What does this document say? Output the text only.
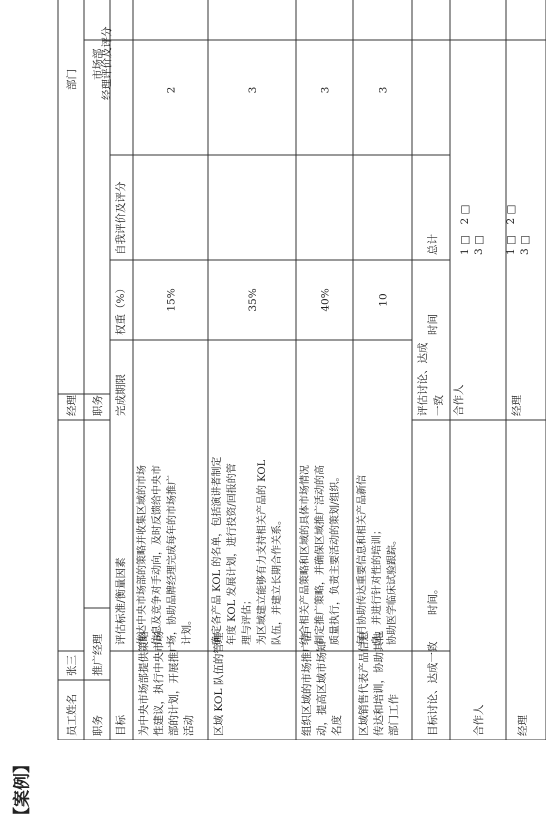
【案例】
员工姓名
张三
经理
部门
职务
推广经理
职务
市场部
目标
评估标准/衡量因素
完成期限
权重（%）
自我评价及评分
经理评价及评分
为中央市场部提供策略 性建议，执行中央市场 部的计划，开展推广 活动
传达中央市场部的策略并收集区域的市场 信息及竞争对手动向，及时反馈给中央市 场，协助品牌经理完成每年的市场推广 计划。
15%
2
区域 KOL 队伍的管理
确定各产品 KOL 的名单，包括演讲者制定 年度 KOL 发展计划，进行投资/回报的管 理与评估； 为区域建立能够有力支持相关产品的 KOL 队伍，并建立长期合作关系。
35%
3
组织区域的市场推广活 动，提高区域市场知 名度
结合相关产品策略和区域的具体市场情况 制定推广策略，并确保区域推广活动的高 质量执行，负责主要活动的策划/组织。
40%
3
区域销售代表产品信息 传达和培训，协助其他 部门工作
每月协助传达重要信息和相关产品新信 息，并进行针对性的培训； 协助医学临床试验跟踪。
10
3
目标讨论、达成一致
时间。
评估讨论、达成 一致
时间
总计
合作人
合作人
经理
经理
1 □　2 □ 3 □ 1 □　2 □ 3 □
